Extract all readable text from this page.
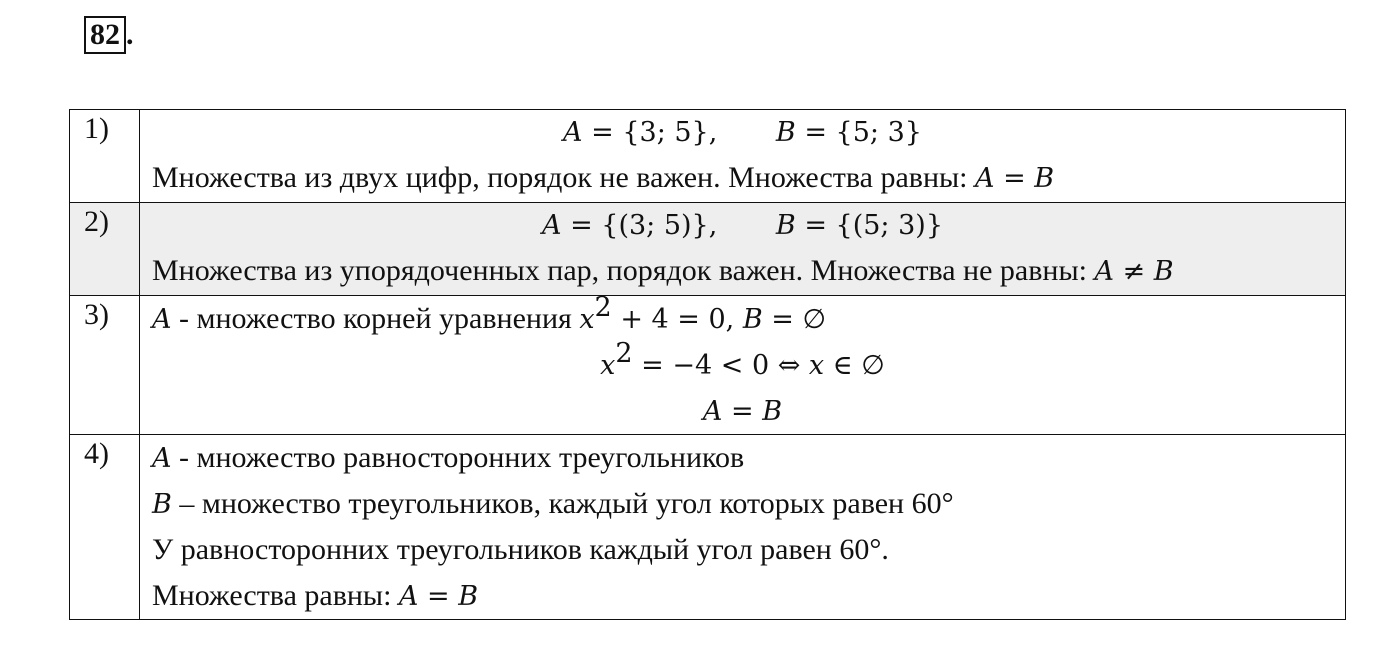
82 .
1)	A = {3; 5}, B = {5; 3}
Множества из двух цифр, порядок не важен. Множества равны: A = B

2)	A = {(3; 5)}, B = {(5; 3)}
Множества из упорядоченных пар, порядок важен. Множества не равны: A ≠ B

3)	A - множество корней уравнения $x^2 + 4 = 0$, B = ∅
$x^2 = -4 < 0$ ⇔ x ∈ ∅
A = B

4)	A - множество равносторонних треугольников
B – множество треугольников, каждый угол которых равен 60°
У равносторонних треугольников каждый угол равен 60°.
Множества равны: A = B
